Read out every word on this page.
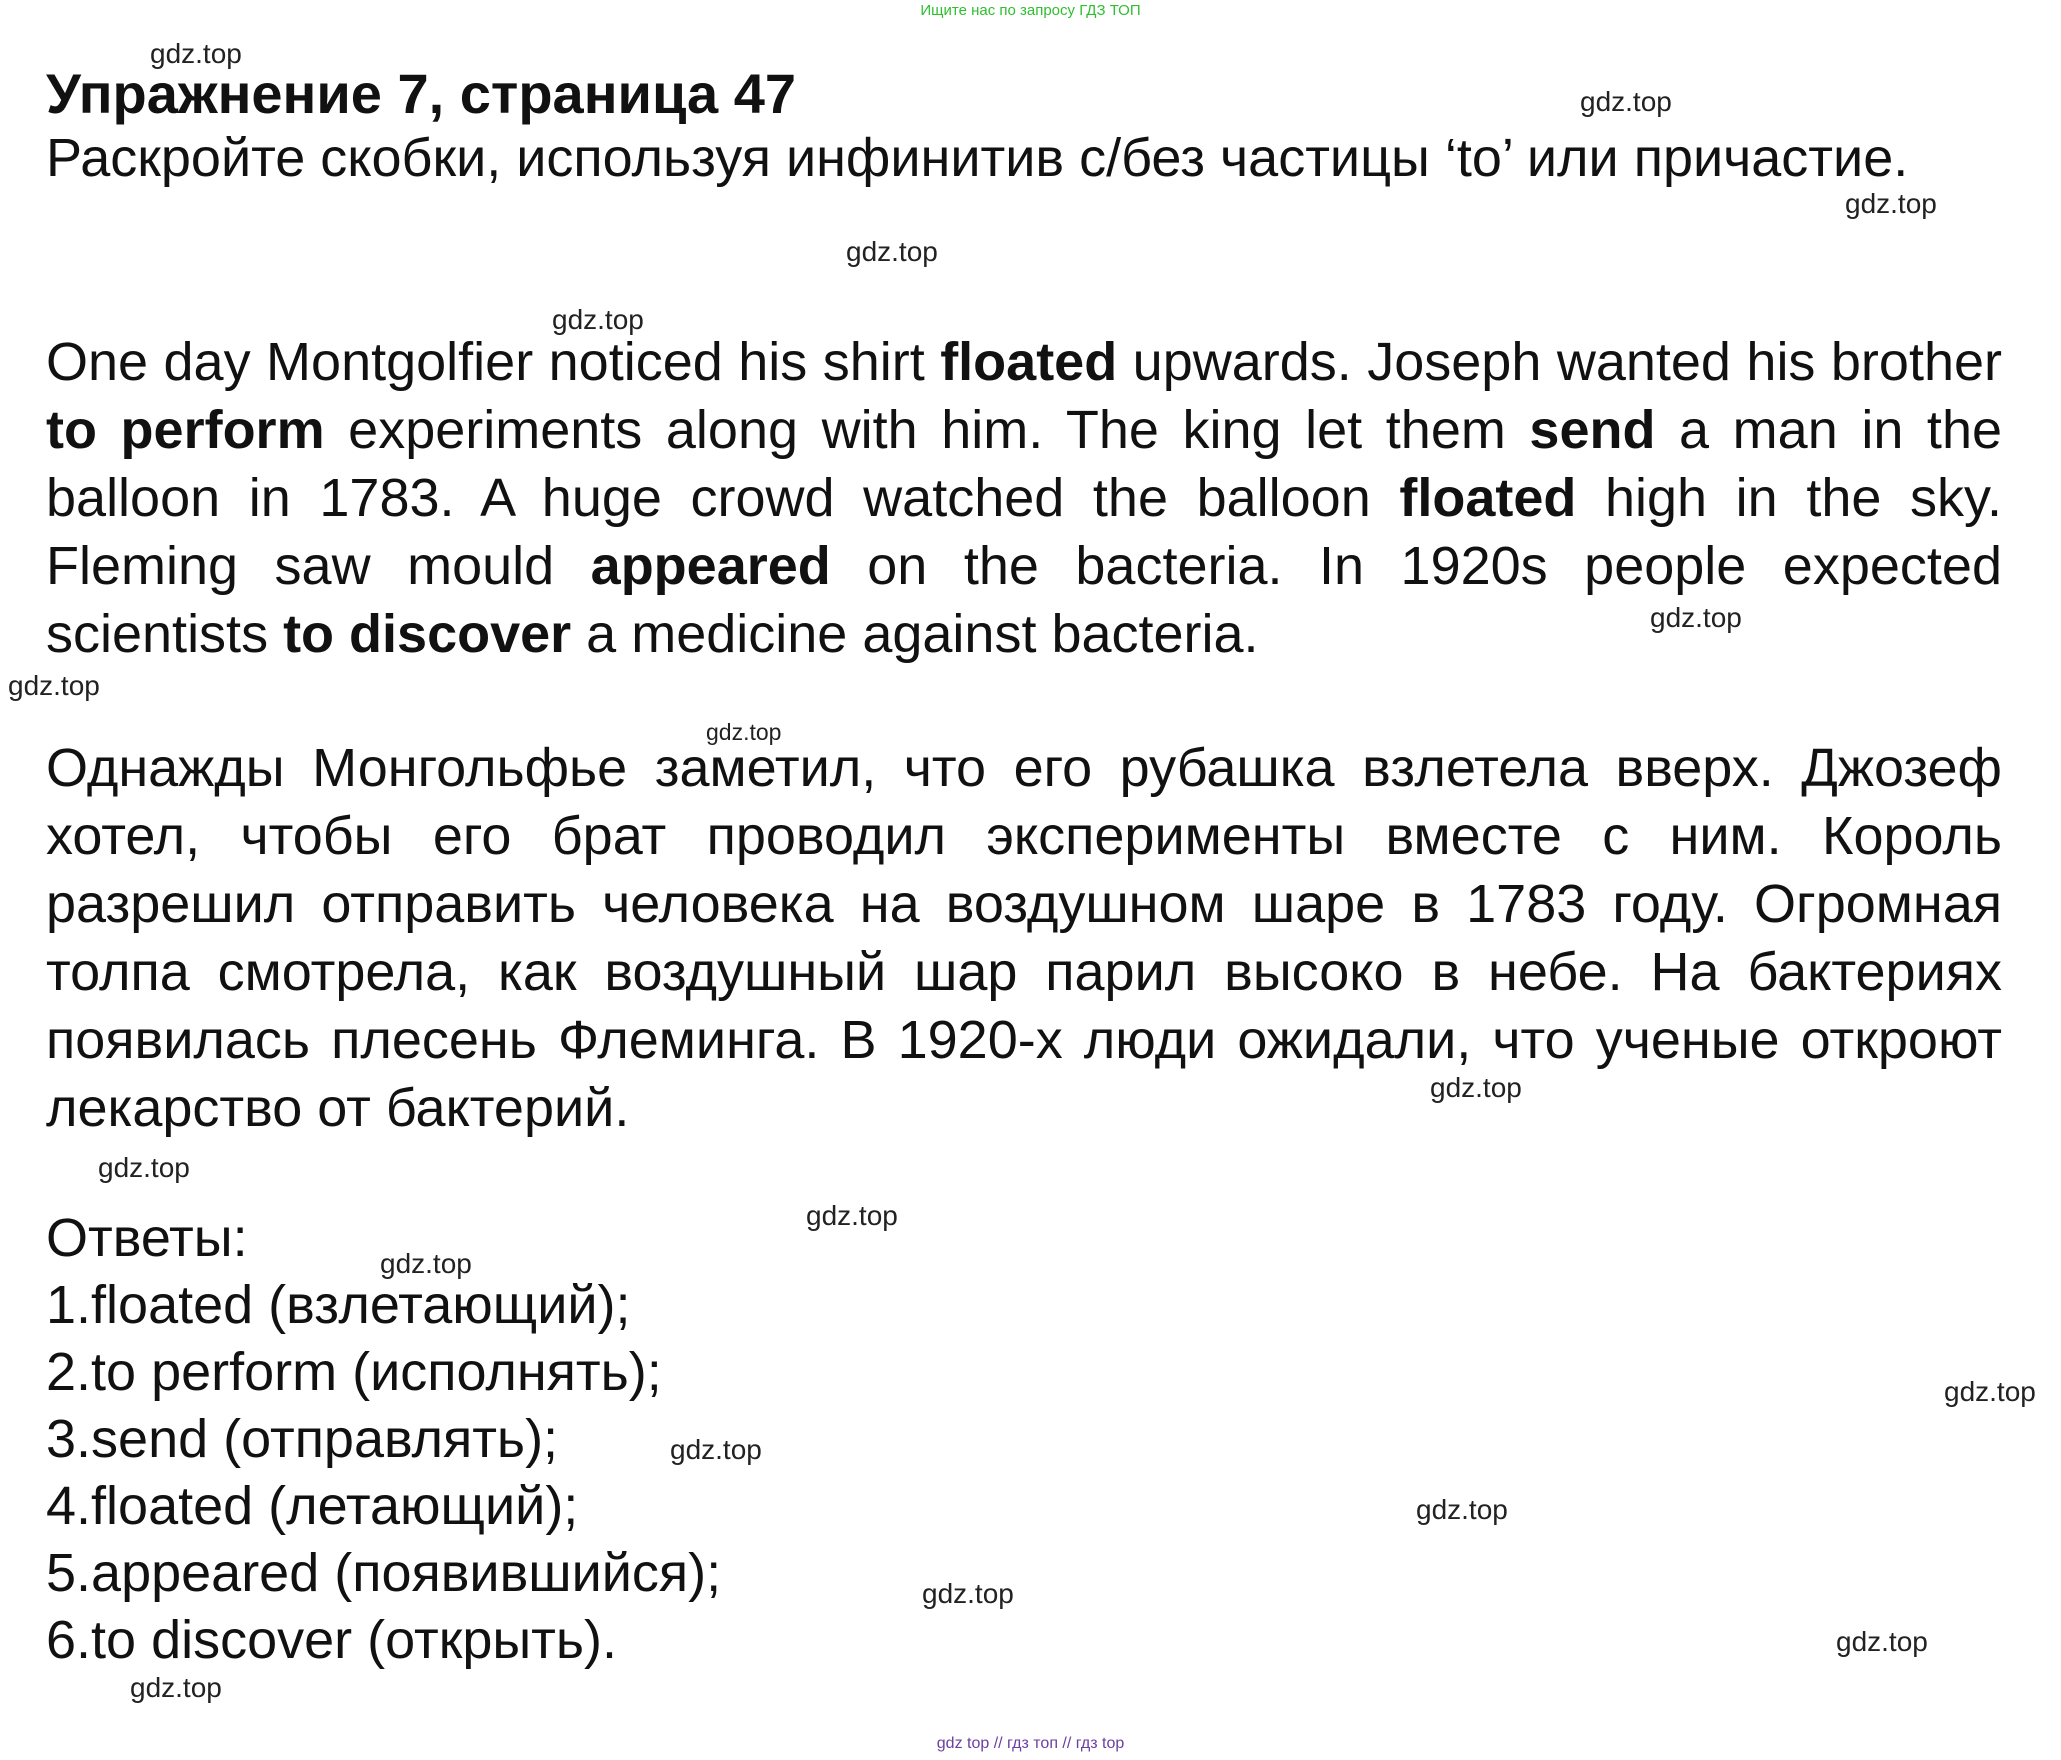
Ищите нас по запросу ГДЗ ТОП
Упражнение 7, страница 47

Раскройте скобки, используя инфинитив с/без частицы ‘to’ или причастие.

One day Montgolfier noticed his shirt floated upwards. Joseph wanted his brother to perform experiments along with him. The king let them send a man in the balloon in 1783. A huge crowd watched the balloon floated high in the sky. Fleming saw mould appeared on the bacteria. In 1920s people expected scientists to discover a medicine against bacteria.

Однажды Монгольфье заметил, что его рубашка взлетела вверх. Джозеф хотел, чтобы его брат проводил эксперименты вместе с ним. Король разрешил отправить человека на воздушном шаре в 1783 году. Огромная толпа смотрела, как воздушный шар парил высоко в небе. На бактериях появилась плесень Флеминга. В 1920-х люди ожидали, что ученые откроют лекарство от бактерий.

Ответы:

1.floated (взлетающий);
2.to perform (исполнять);
3.send (отправлять);
4.floated (летающий);
5.appeared (появившийся);
6.to discover (открыть).
gdz.top
gdz.top
gdz.top
gdz.top
gdz.top
gdz.top
gdz.top
gdz.top
gdz.top
gdz.top
gdz.top
gdz.top
gdz.top
gdz.top
gdz.top
gdz.top
gdz.top
gdz.top
gdz top // гдз топ // гдз top
